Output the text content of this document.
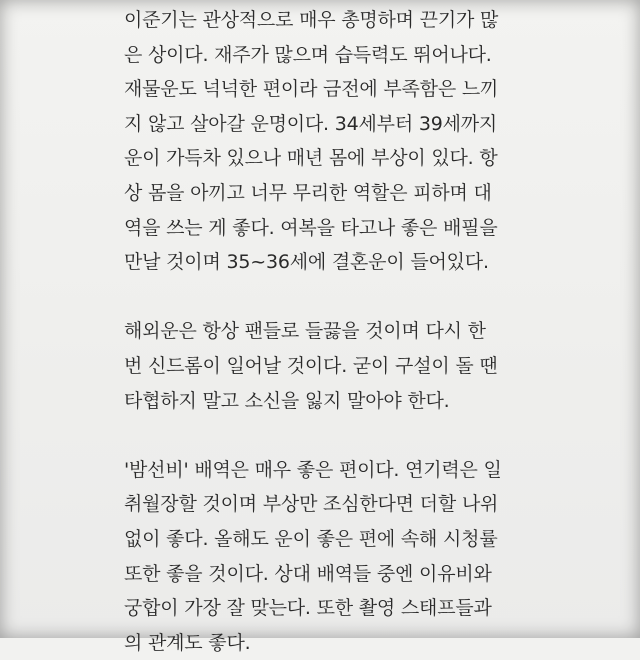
이준기는 관상적으로 매우 총명하며 끈기가 많
은 상이다. 재주가 많으며 습득력도 뛰어나다.
재물운도 넉넉한 편이라 금전에 부족함은 느끼
지 않고 살아갈 운명이다. 34세부터 39세까지
운이 가득차 있으나 매년 몸에 부상이 있다. 항
상 몸을 아끼고 너무 무리한 역할은 피하며 대
역을 쓰는 게 좋다. 여복을 타고나 좋은 배필을
만날 것이며 35~36세에 결혼운이 들어있다.
해외운은 항상 팬들로 들끓을 것이며 다시 한
번 신드롬이 일어날 것이다. 굳이 구설이 돌 땐
타협하지 말고 소신을 잃지 말아야 한다.
'밤선비' 배역은 매우 좋은 편이다. 연기력은 일
취월장할 것이며 부상만 조심한다면 더할 나위
없이 좋다. 올해도 운이 좋은 편에 속해 시청률
또한 좋을 것이다. 상대 배역들 중엔 이유비와
궁합이 가장 잘 맞는다. 또한 촬영 스태프들과
의 관계도 좋다.
